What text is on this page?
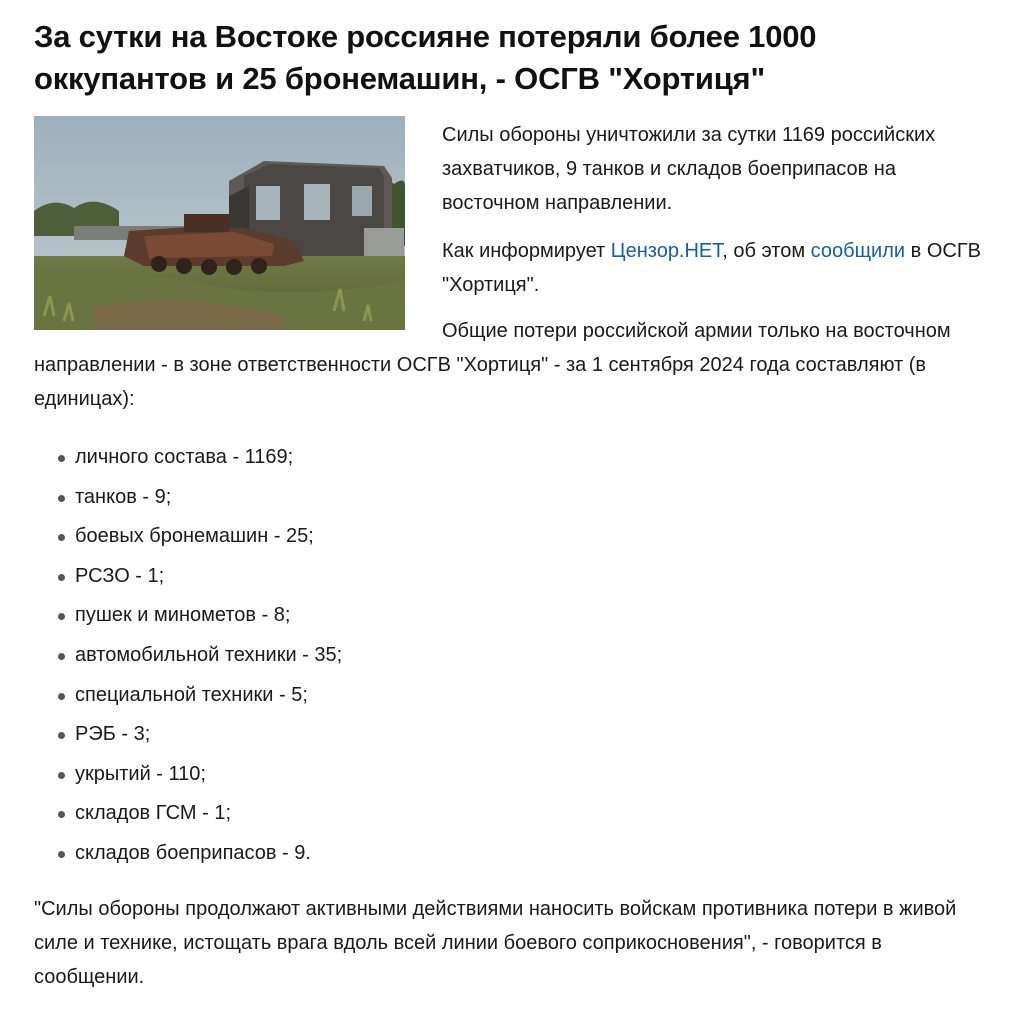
За сутки на Востоке россияне потеряли более 1000 оккупантов и 25 бронемашин, - ОСГВ "Хортиця"

Силы обороны уничтожили за сутки 1169 российских захватчиков, 9 танков и складов боеприпасов на восточном направлении.

Как информирует Цензор.НЕТ, об этом сообщили в ОСГВ "Хортиця".

Общие потери российской армии только на восточном направлении - в зоне ответственности ОСГВ "Хортиця" - за 1 сентября 2024 года составляют (в единицах):

личного состава - 1169;
танков - 9;
боевых бронемашин - 25;
РСЗО - 1;
пушек и минометов - 8;
автомобильной техники - 35;
специальной техники - 5;
РЭБ - 3;
укрытий - 110;
складов ГСМ - 1;
складов боеприпасов - 9.

"Силы обороны продолжают активными действиями наносить войскам противника потери в живой силе и технике, истощать врага вдоль всей линии боевого соприкосновения", - говорится в сообщении.
